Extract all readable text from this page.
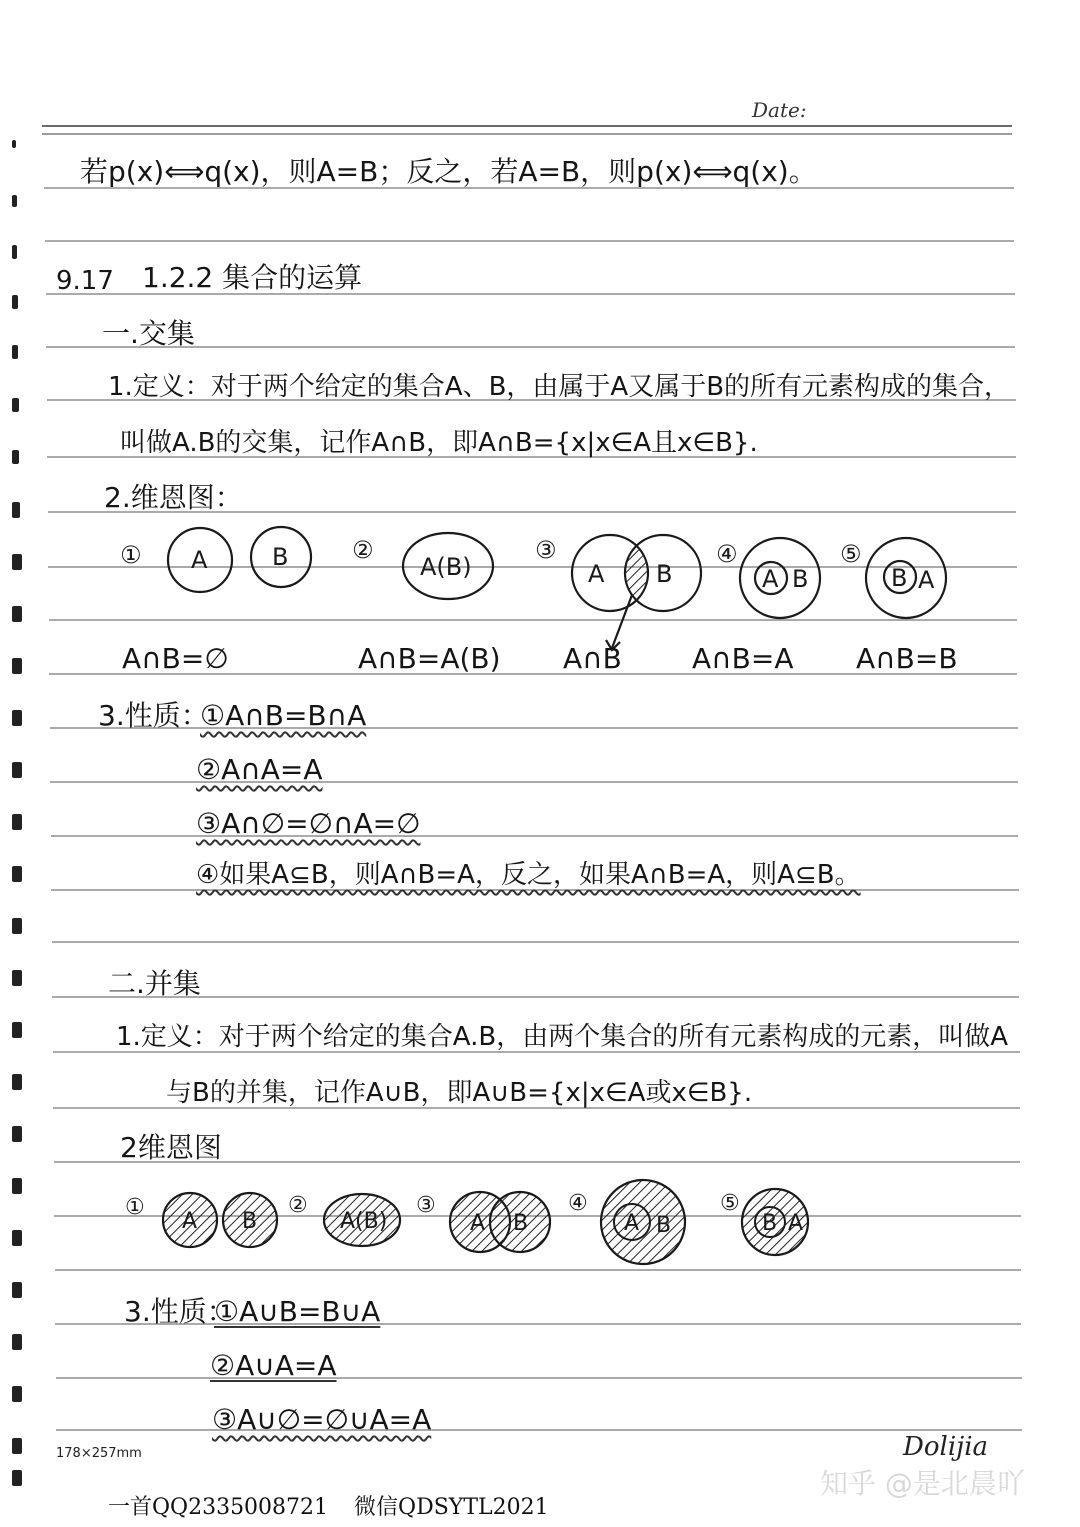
Date:
若p(x)⟺q(x)，则A=B；反之，若A=B，则p(x)⟺q(x)。
9.17 1.2.2 集合的运算
一.交集
1.定义：对于两个给定的集合A、B，由属于A又属于B的所有元素构成的集合，
叫做A.B的交集，记作A∩B，即A∩B={x|x∈A且x∈B}.
2.维恩图：
①	②	③	④	⑤
A	B	A(B)	A B	A B	B A
A∩B=∅	A∩B=A(B) A∩B	A∩B=A A∩B=B
3.性质：
①A∩B=B∩A
②A∩A=A
③A∩∅=∅∩A=∅
④如果A⊆B，则A∩B=A，反之，如果A∩B=A，则A⊆B。
二.并集
1.定义：对于两个给定的集合A.B，由两个集合的所有元素构成的元素，叫做A
与B的并集，记作A∪B，即A∪B={x|x∈A或x∈B}.
2维恩图
①	②	③	④	⑤
A B	A(B)	A B	A B	B A
3.性质：
①A∪B=B∪A
②A∪A=A
③A∪∅=∅∪A=A
178×257mm	Dolijia
知乎 @是北晨吖
一首QQ2335008721 微信QDSYTL2021
